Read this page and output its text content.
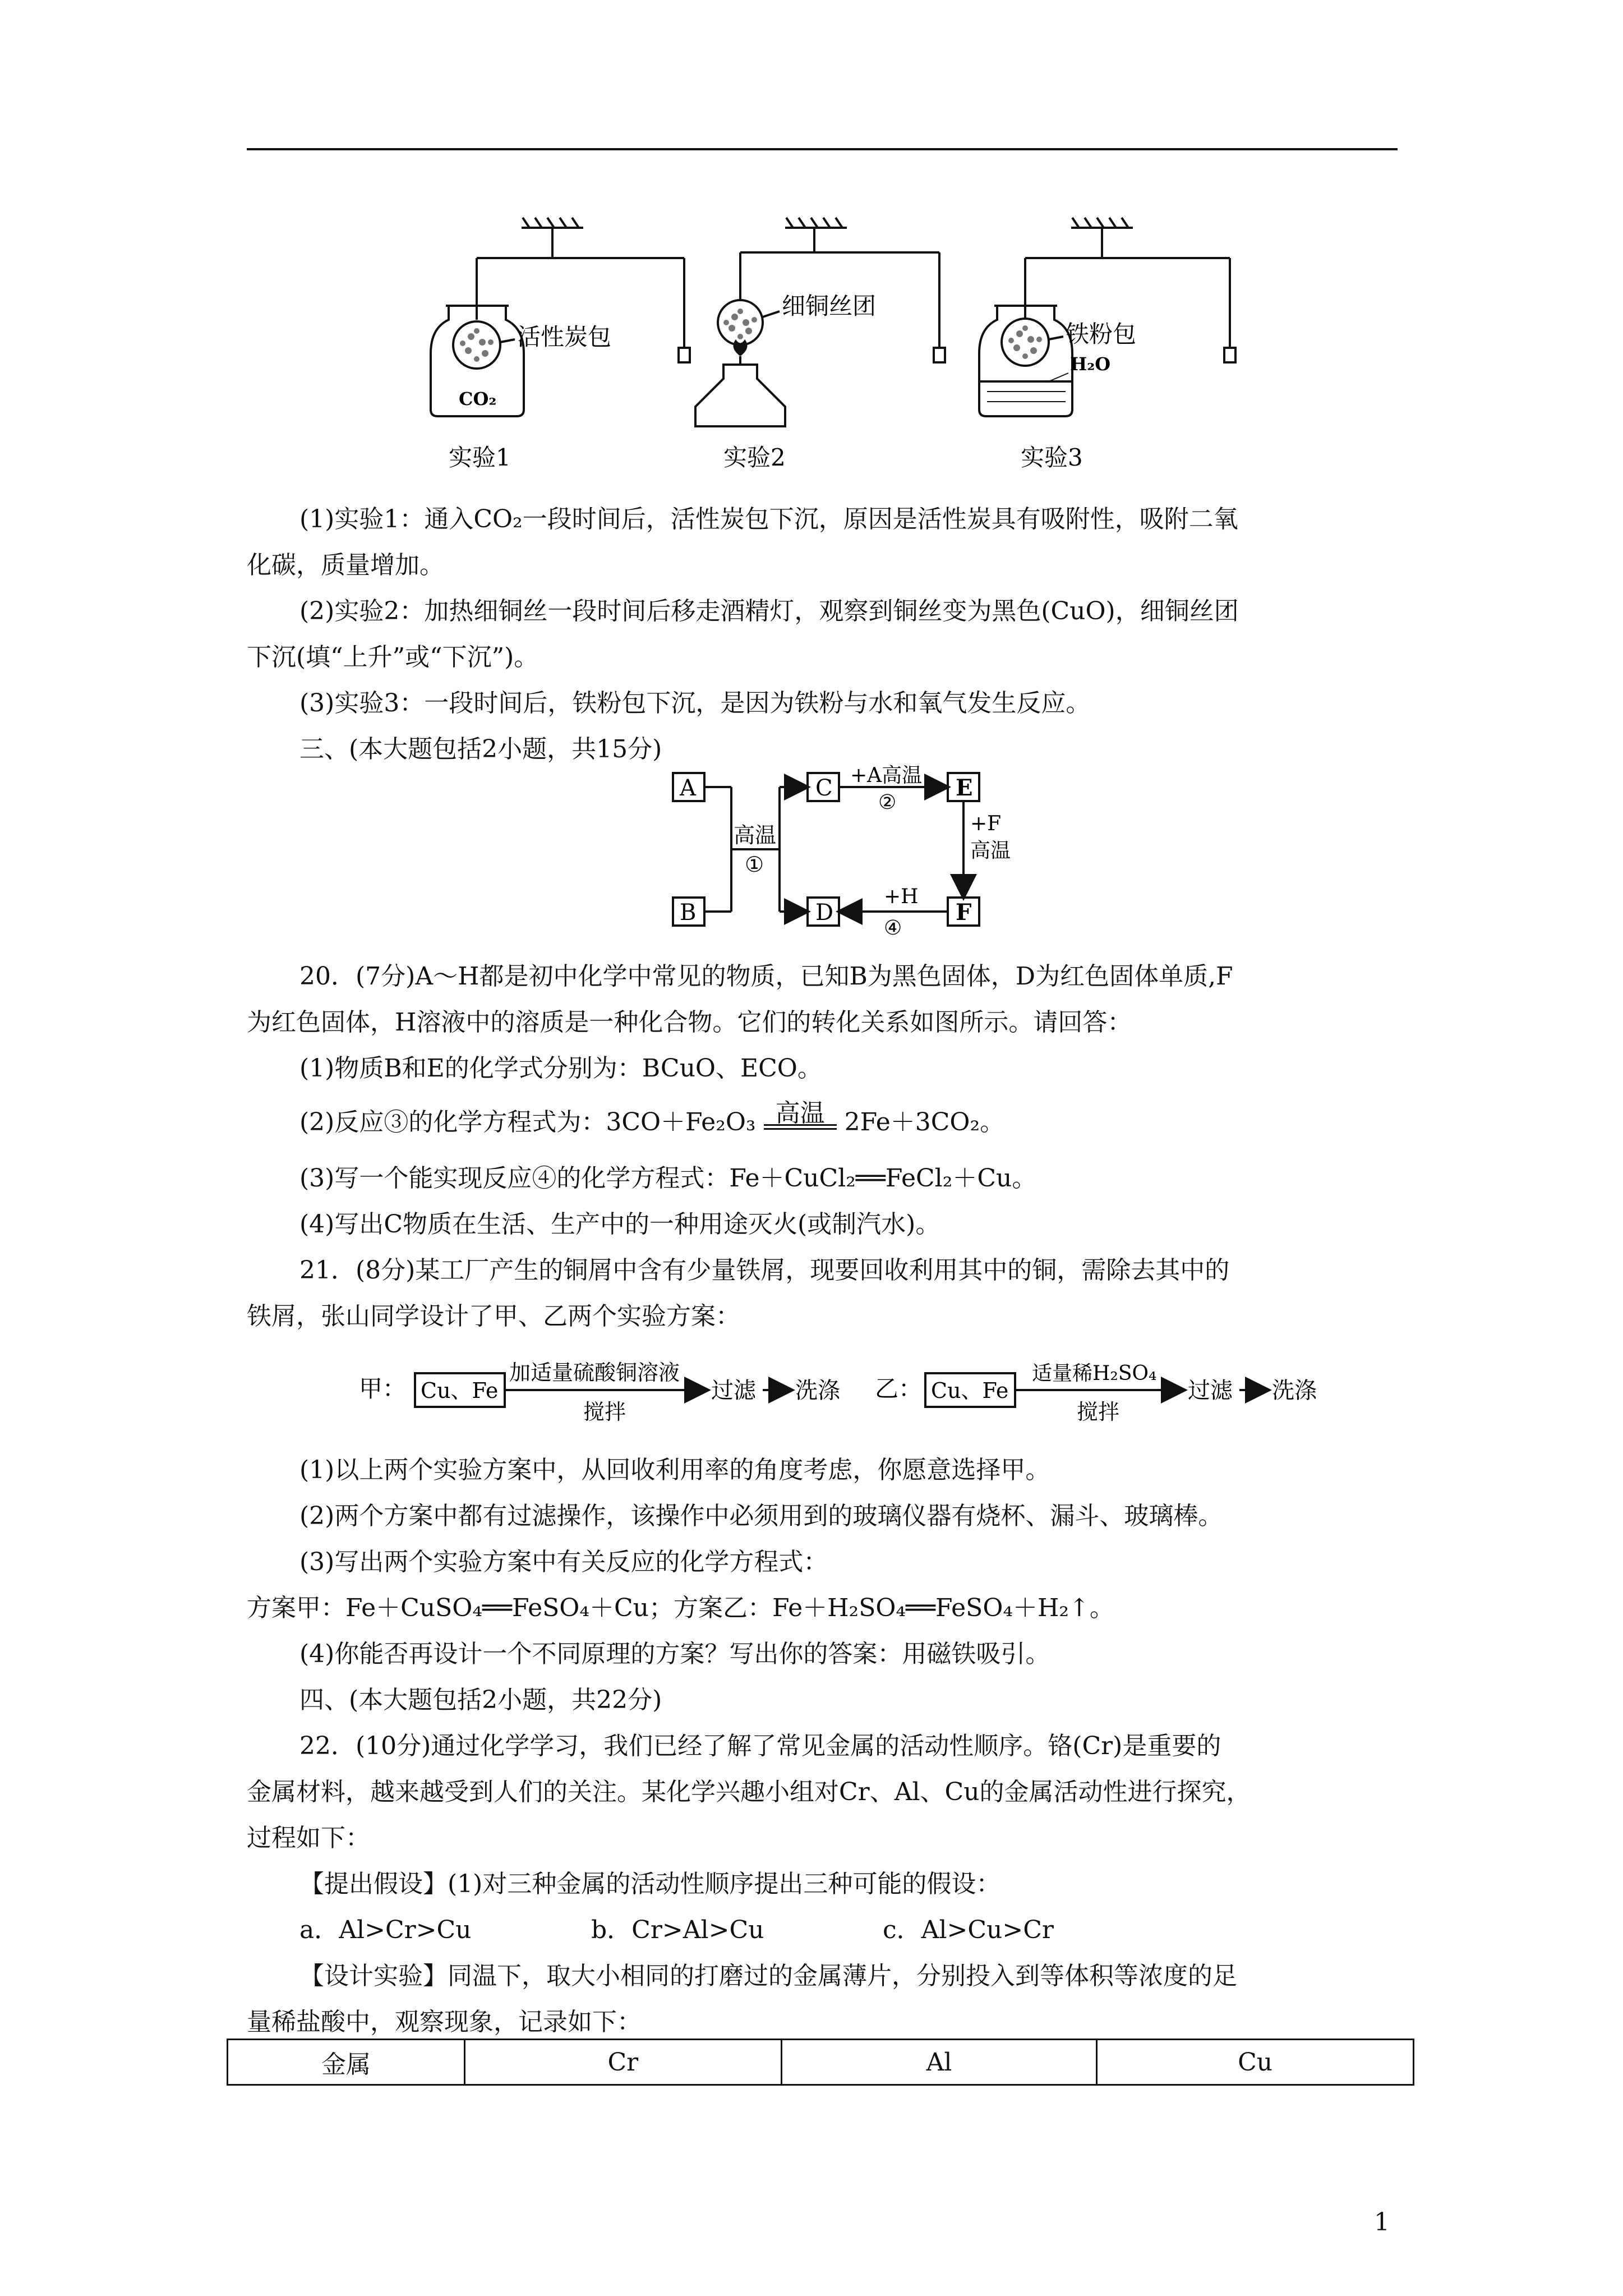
活性炭包
CO₂
细铜丝团
铁粉包
H₂O
实验1	实验2	实验3
(1)实验1：通入CO₂一段时间后，活性炭包下沉，原因是活性炭具有吸附性，吸附二氧
化碳，质量增加。
(2)实验2：加热细铜丝一段时间后移走酒精灯，观察到铜丝变为黑色(CuO)，细铜丝团
下沉(填“上升”或“下沉”)。
(3)实验3：一段时间后，铁粉包下沉，是因为铁粉与水和氧气发生反应。
三、(本大题包括2小题，共15分)
A
B
C
D
E
F
高温
①
+A高温
②
+F
高温
+H
④
20．(7分)A～H都是初中化学中常见的物质，已知B为黑色固体，D为红色固体单质,F
为红色固体，H溶液中的溶质是一种化合物。它们的转化关系如图所示。请回答：
(1)物质B和E的化学式分别为：BCuO、ECO。
(2)反应③的化学方程式为：3CO＋Fe₂O₃ 高温 2Fe＋3CO₂。
(3)写一个能实现反应④的化学方程式：Fe＋CuCl₂══FeCl₂＋Cu。
(4)写出C物质在生活、生产中的一种用途灭火(或制汽水)。
21．(8分)某工厂产生的铜屑中含有少量铁屑，现要回收利用其中的铜，需除去其中的
铁屑，张山同学设计了甲、乙两个实验方案：
甲： Cu、Fe
加适量硫酸铜溶液
搅拌
过滤 洗涤 乙： Cu、Fe
适量稀H₂SO₄
搅拌
过滤 洗涤
(1)以上两个实验方案中，从回收利用率的角度考虑，你愿意选择甲。
(2)两个方案中都有过滤操作，该操作中必须用到的玻璃仪器有烧杯、漏斗、玻璃棒。
(3)写出两个实验方案中有关反应的化学方程式：
方案甲：Fe＋CuSO₄══FeSO₄＋Cu；方案乙：Fe＋H₂SO₄══FeSO₄＋H₂↑。
(4)你能否再设计一个不同原理的方案？写出你的答案：用磁铁吸引。
四、(本大题包括2小题，共22分)
22．(10分)通过化学学习，我们已经了解了常见金属的活动性顺序。铬(Cr)是重要的
金属材料，越来越受到人们的关注。某化学兴趣小组对Cr、Al、Cu的金属活动性进行探究，
过程如下：
【提出假设】(1)对三种金属的活动性顺序提出三种可能的假设：
a．Al>Cr>Cu	b．Cr>Al>Cu	c．Al>Cu>Cr
【设计实验】同温下，取大小相同的打磨过的金属薄片，分别投入到等体积等浓度的足
量稀盐酸中，观察现象，记录如下：
金属	Cr	Al	Cu
1
